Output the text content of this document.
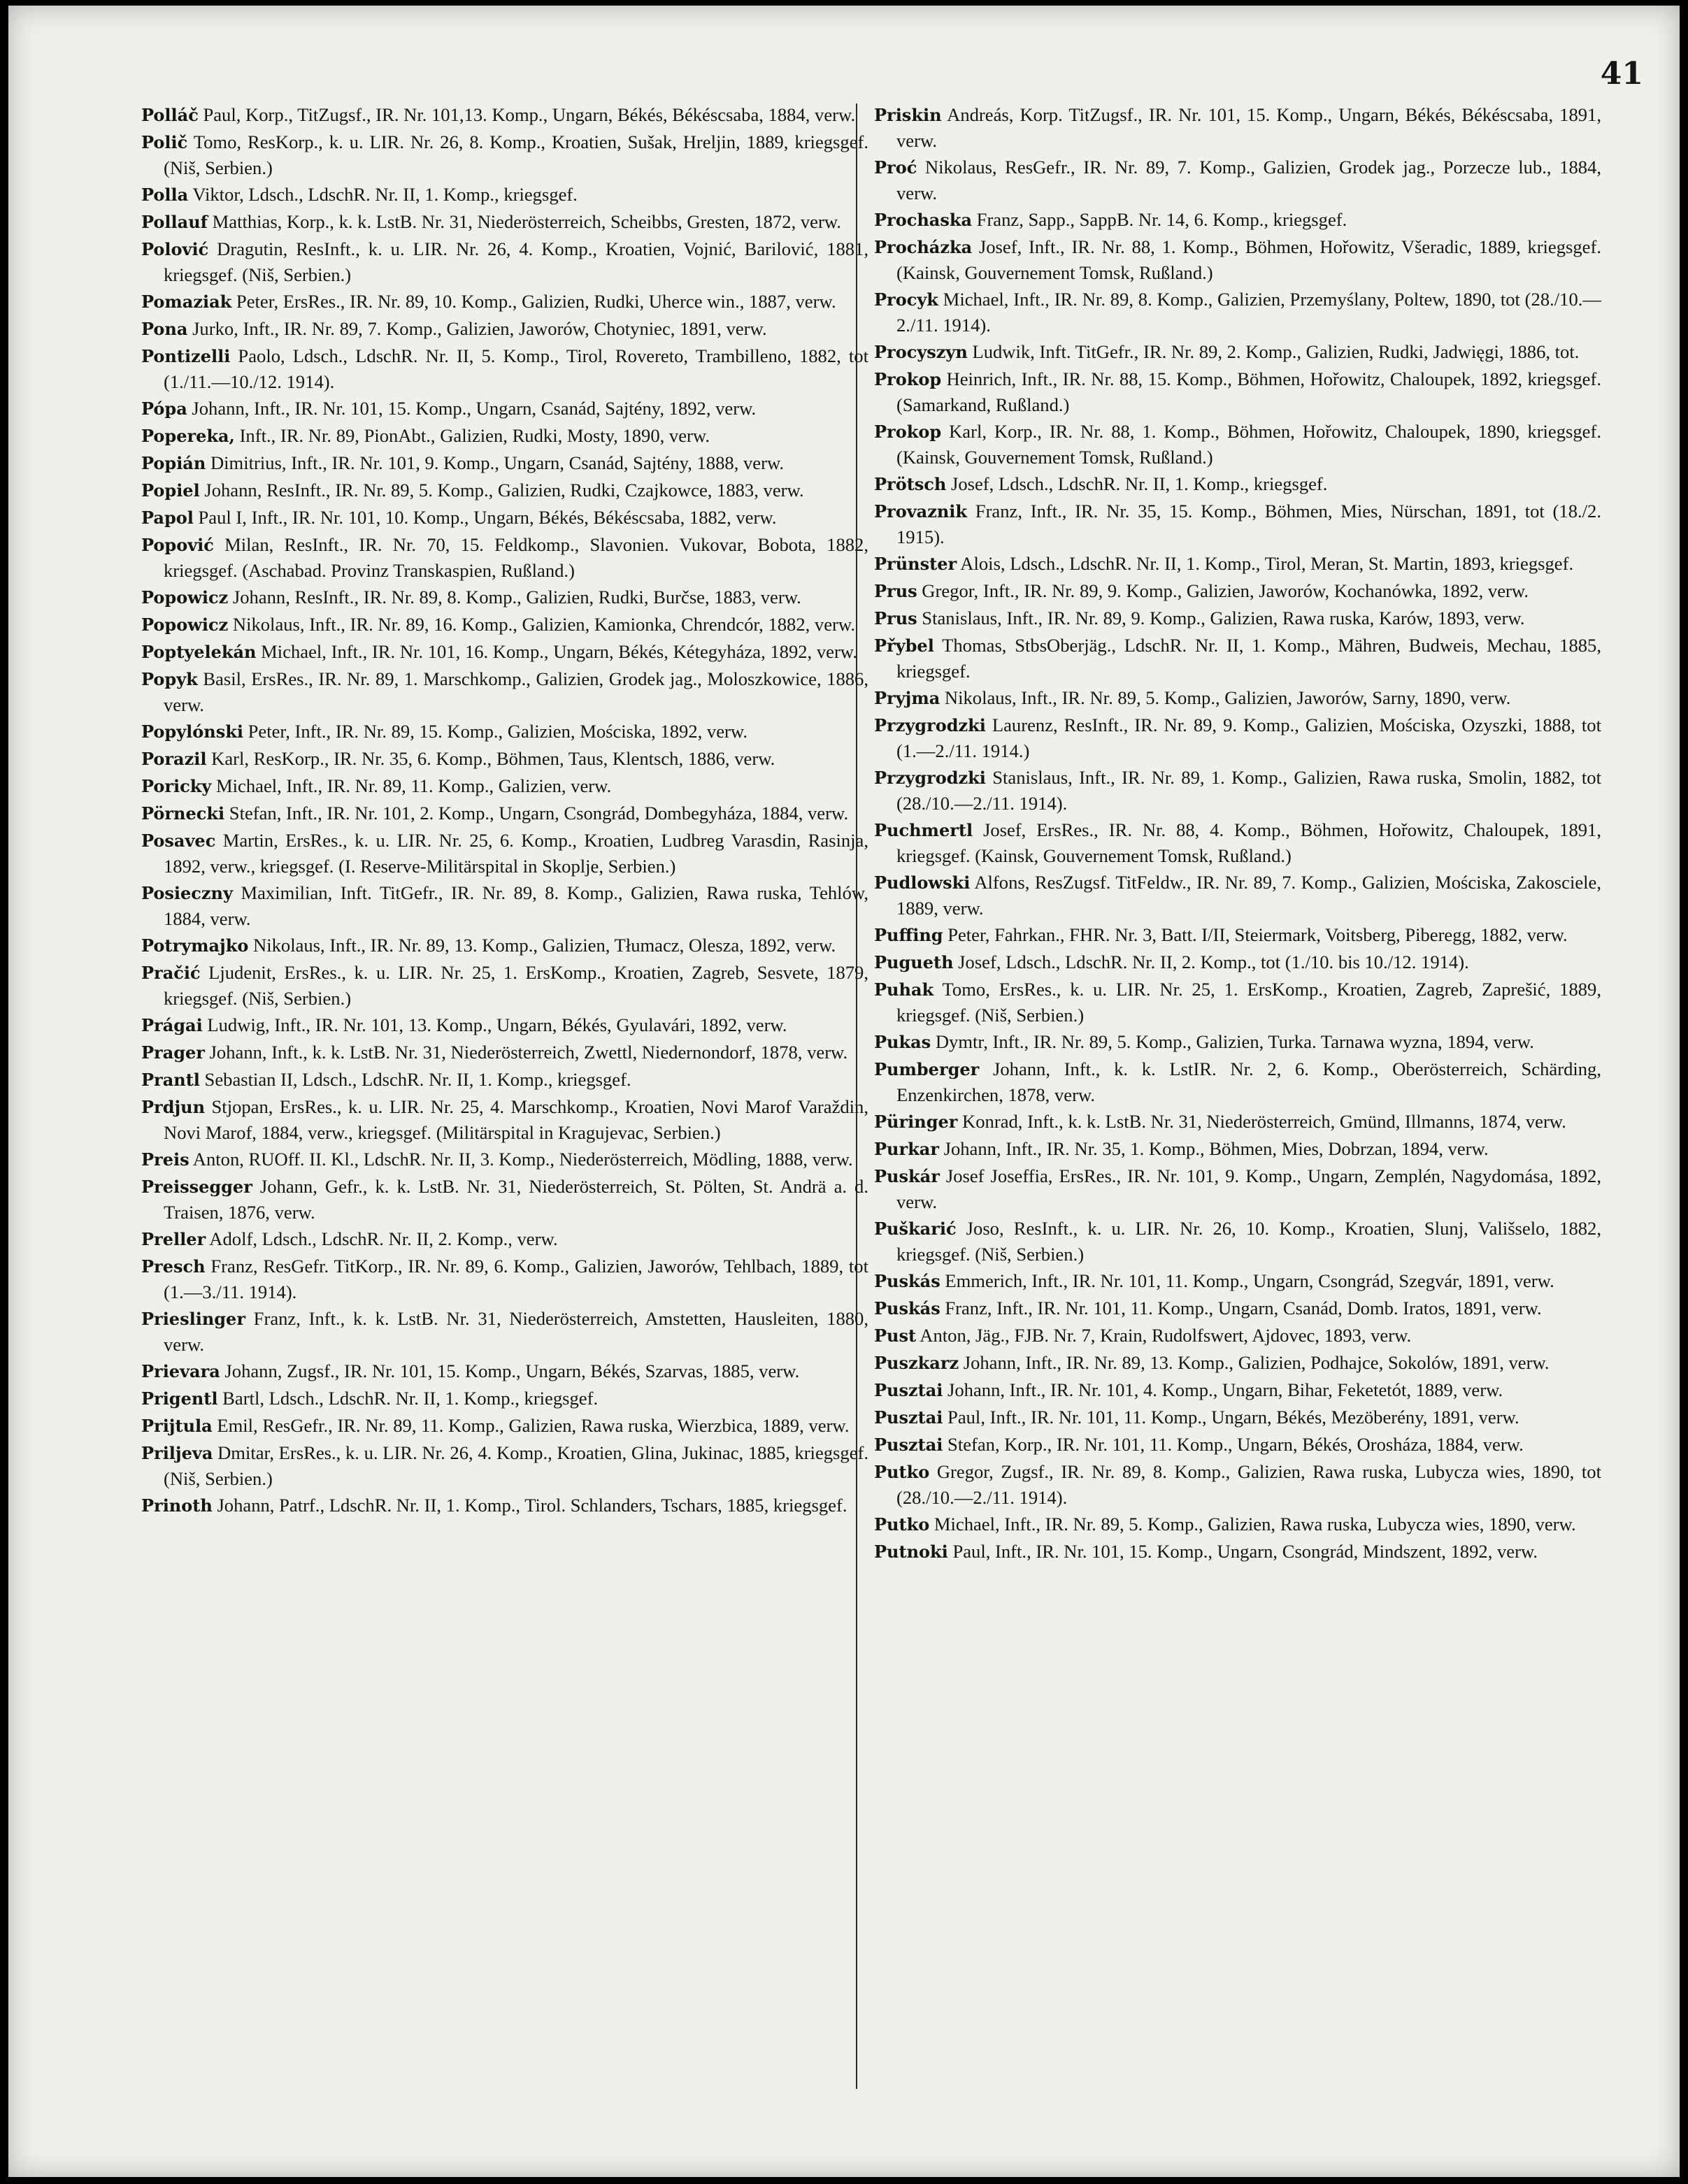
41

Polláč Paul, Korp., TitZugsf., IR. Nr. 101,13. Komp., Ungarn, Békés, Békéscsaba, 1884, verw.

Polič Tomo, ResKorp., k. u. LIR. Nr. 26, 8. Komp., Kroatien, Sušak, Hreljin, 1889, kriegsgef. (Niš, Serbien.)

Polla Viktor, Ldsch., LdschR. Nr. II, 1. Komp., kriegsgef.

Pollauf Matthias, Korp., k. k. LstB. Nr. 31, Niederösterreich, Scheibbs, Gresten, 1872, verw.

Polović Dragutin, ResInft., k. u. LIR. Nr. 26, 4. Komp., Kroatien, Vojnić, Barilović, 1881, kriegsgef. (Niš, Serbien.)

Pomaziak Peter, ErsRes., IR. Nr. 89, 10. Komp., Galizien, Rudki, Uherce win., 1887, verw.

Pona Jurko, Inft., IR. Nr. 89, 7. Komp., Galizien, Jaworów, Chotyniec, 1891, verw.

Pontizelli Paolo, Ldsch., LdschR. Nr. II, 5. Komp., Tirol, Rovereto, Trambilleno, 1882, tot (1./11.—10./12. 1914).

Pópa Johann, Inft., IR. Nr. 101, 15. Komp., Ungarn, Csanád, Sajtény, 1892, verw.

Popereka, Inft., IR. Nr. 89, PionAbt., Galizien, Rudki, Mosty, 1890, verw.

Popián Dimitrius, Inft., IR. Nr. 101, 9. Komp., Ungarn, Csanád, Sajtény, 1888, verw.

Popiel Johann, ResInft., IR. Nr. 89, 5. Komp., Galizien, Rudki, Czajkowce, 1883, verw.

Papol Paul I, Inft., IR. Nr. 101, 10. Komp., Ungarn, Békés, Békéscsaba, 1882, verw.

Popović Milan, ResInft., IR. Nr. 70, 15. Feldkomp., Slavonien. Vukovar, Bobota, 1882, kriegsgef. (Aschabad. Provinz Transkaspien, Rußland.)

Popowicz Johann, ResInft., IR. Nr. 89, 8. Komp., Galizien, Rudki, Burčse, 1883, verw.

Popowicz Nikolaus, Inft., IR. Nr. 89, 16. Komp., Galizien, Kamionka, Chrendcór, 1882, verw.

Poptyelekán Michael, Inft., IR. Nr. 101, 16. Komp., Ungarn, Békés, Kétegyháza, 1892, verw.

Popyk Basil, ErsRes., IR. Nr. 89, 1. Marschkomp., Galizien, Grodek jag., Moloszkowice, 1886, verw.

Popylónski Peter, Inft., IR. Nr. 89, 15. Komp., Galizien, Mościska, 1892, verw.

Porazil Karl, ResKorp., IR. Nr. 35, 6. Komp., Böhmen, Taus, Klentsch, 1886, verw.

Poricky Michael, Inft., IR. Nr. 89, 11. Komp., Galizien, verw.

Pörnecki Stefan, Inft., IR. Nr. 101, 2. Komp., Ungarn, Csongrád, Dombegyháza, 1884, verw.

Posavec Martin, ErsRes., k. u. LIR. Nr. 25, 6. Komp., Kroatien, Ludbreg Varasdin, Rasinja, 1892, verw., kriegsgef. (I. Reserve-Militärspital in Skoplje, Serbien.)

Posieczny Maximilian, Inft. TitGefr., IR. Nr. 89, 8. Komp., Galizien, Rawa ruska, Tehlów, 1884, verw.

Potrymajko Nikolaus, Inft., IR. Nr. 89, 13. Komp., Galizien, Tłumacz, Olesza, 1892, verw.

Pračić Ljudenit, ErsRes., k. u. LIR. Nr. 25, 1. ErsKomp., Kroatien, Zagreb, Sesvete, 1879, kriegsgef. (Niš, Serbien.)

Prágai Ludwig, Inft., IR. Nr. 101, 13. Komp., Ungarn, Békés, Gyulavári, 1892, verw.

Prager Johann, Inft., k. k. LstB. Nr. 31, Niederösterreich, Zwettl, Niedernondorf, 1878, verw.

Prantl Sebastian II, Ldsch., LdschR. Nr. II, 1. Komp., kriegsgef.

Prdjun Stjopan, ErsRes., k. u. LIR. Nr. 25, 4. Marschkomp., Kroatien, Novi Marof Varaždin, Novi Marof, 1884, verw., kriegsgef. (Militärspital in Kragujevac, Serbien.)

Preis Anton, RUOff. II. Kl., LdschR. Nr. II, 3. Komp., Niederösterreich, Mödling, 1888, verw.

Preissegger Johann, Gefr., k. k. LstB. Nr. 31, Niederösterreich, St. Pölten, St. Andrä a. d. Traisen, 1876, verw.

Preller Adolf, Ldsch., LdschR. Nr. II, 2. Komp., verw.

Presch Franz, ResGefr. TitKorp., IR. Nr. 89, 6. Komp., Galizien, Jaworów, Tehlbach, 1889, tot (1.—3./11. 1914).

Prieslinger Franz, Inft., k. k. LstB. Nr. 31, Niederösterreich, Amstetten, Hausleiten, 1880, verw.

Prievara Johann, Zugsf., IR. Nr. 101, 15. Komp., Ungarn, Békés, Szarvas, 1885, verw.

Prigentl Bartl, Ldsch., LdschR. Nr. II, 1. Komp., kriegsgef.

Prijtula Emil, ResGefr., IR. Nr. 89, 11. Komp., Galizien, Rawa ruska, Wierzbica, 1889, verw.

Prilјeva Dmitar, ErsRes., k. u. LIR. Nr. 26, 4. Komp., Kroatien, Glina, Jukinac, 1885, kriegsgef. (Niš, Serbien.)

Prinoth Johann, Patrf., LdschR. Nr. II, 1. Komp., Tirol. Schlanders, Tschars, 1885, kriegsgef.

Priskin Andreás, Korp. TitZugsf., IR. Nr. 101, 15. Komp., Ungarn, Békés, Békéscsaba, 1891, verw.

Proć Nikolaus, ResGefr., IR. Nr. 89, 7. Komp., Galizien, Grodek jag., Porzecze lub., 1884, verw.

Prochaska Franz, Sapp., SappB. Nr. 14, 6. Komp., kriegsgef.

Procházka Josef, Inft., IR. Nr. 88, 1. Komp., Böhmen, Hořowitz, Všeradic, 1889, kriegsgef. (Kainsk, Gouvernement Tomsk, Rußland.)

Procyk Michael, Inft., IR. Nr. 89, 8. Komp., Galizien, Przemyślany, Poltew, 1890, tot (28./10.—2./11. 1914).

Procyszyn Ludwik, Inft. TitGefr., IR. Nr. 89, 2. Komp., Galizien, Rudki, Jadwięgi, 1886, tot.

Prokop Heinrich, Inft., IR. Nr. 88, 15. Komp., Böhmen, Hořowitz, Chaloupek, 1892, kriegsgef. (Samarkand, Rußland.)

Prokop Karl, Korp., IR. Nr. 88, 1. Komp., Böhmen, Hořowitz, Chaloupek, 1890, kriegsgef. (Kainsk, Gouvernement Tomsk, Rußland.)

Prötsch Josef, Ldsch., LdschR. Nr. II, 1. Komp., kriegsgef.

Provaznik Franz, Inft., IR. Nr. 35, 15. Komp., Böhmen, Mies, Nürschan, 1891, tot (18./2. 1915).

Prünster Alois, Ldsch., LdschR. Nr. II, 1. Komp., Tirol, Meran, St. Martin, 1893, kriegsgef.

Prus Gregor, Inft., IR. Nr. 89, 9. Komp., Galizien, Jaworów, Kochanówka, 1892, verw.

Prus Stanislaus, Inft., IR. Nr. 89, 9. Komp., Galizien, Rawa ruska, Karów, 1893, verw.

Přybel Thomas, StbsOberjäg., LdschR. Nr. II, 1. Komp., Mähren, Budweis, Mechau, 1885, kriegsgef.

Pryjma Nikolaus, Inft., IR. Nr. 89, 5. Komp., Galizien, Jaworów, Sarny, 1890, verw.

Przygrodzki Laurenz, ResInft., IR. Nr. 89, 9. Komp., Galizien, Mościska, Ozyszki, 1888, tot (1.—2./11. 1914.)

Przygrodzki Stanislaus, Inft., IR. Nr. 89, 1. Komp., Galizien, Rawa ruska, Smolin, 1882, tot (28./10.—2./11. 1914).

Puchmertl Josef, ErsRes., IR. Nr. 88, 4. Komp., Böhmen, Hořowitz, Chaloupek, 1891, kriegsgef. (Kainsk, Gouvernement Tomsk, Rußland.)

Pudlowski Alfons, ResZugsf. TitFeldw., IR. Nr. 89, 7. Komp., Galizien, Mościska, Zakosciele, 1889, verw.

Puffing Peter, Fahrkan., FHR. Nr. 3, Batt. I/II, Steiermark, Voitsberg, Piberegg, 1882, verw.

Pugueth Josef, Ldsch., LdschR. Nr. II, 2. Komp., tot (1./10. bis 10./12. 1914).

Puhak Tomo, ErsRes., k. u. LIR. Nr. 25, 1. ErsKomp., Kroatien, Zagreb, Zaprešić, 1889, kriegsgef. (Niš, Serbien.)

Pukas Dymtr, Inft., IR. Nr. 89, 5. Komp., Galizien, Turka. Tarnawa wyzna, 1894, verw.

Pumberger Johann, Inft., k. k. LstIR. Nr. 2, 6. Komp., Oberösterreich, Schärding, Enzenkirchen, 1878, verw.

Püringer Konrad, Inft., k. k. LstB. Nr. 31, Niederösterreich, Gmünd, Illmanns, 1874, verw.

Purkar Johann, Inft., IR. Nr. 35, 1. Komp., Böhmen, Mies, Dobrzan, 1894, verw.

Puskár Josef Joseffia, ErsRes., IR. Nr. 101, 9. Komp., Ungarn, Zemplén, Nagydomása, 1892, verw.

Puškarić Joso, ResInft., k. u. LIR. Nr. 26, 10. Komp., Kroatien, Slunj, Vališselo, 1882, kriegsgef. (Niš, Serbien.)

Puskás Emmerich, Inft., IR. Nr. 101, 11. Komp., Ungarn, Csongrád, Szegvár, 1891, verw.

Puskás Franz, Inft., IR. Nr. 101, 11. Komp., Ungarn, Csanád, Domb. Iratos, 1891, verw.

Pust Anton, Jäg., FJB. Nr. 7, Krain, Rudolfswert, Ajdovec, 1893, verw.

Puszkarz Johann, Inft., IR. Nr. 89, 13. Komp., Galizien, Podhajce, Sokolów, 1891, verw.

Pusztai Johann, Inft., IR. Nr. 101, 4. Komp., Ungarn, Bihar, Feketetót, 1889, verw.

Pusztai Paul, Inft., IR. Nr. 101, 11. Komp., Ungarn, Békés, Mezöberény, 1891, verw.

Pusztai Stefan, Korp., IR. Nr. 101, 11. Komp., Ungarn, Békés, Orosháza, 1884, verw.

Putko Gregor, Zugsf., IR. Nr. 89, 8. Komp., Galizien, Rawa ruska, Lubycza wies, 1890, tot (28./10.—2./11. 1914).

Putko Michael, Inft., IR. Nr. 89, 5. Komp., Galizien, Rawa ruska, Lubycza wies, 1890, verw.

Putnoki Paul, Inft., IR. Nr. 101, 15. Komp., Ungarn, Csongrád, Mindszent, 1892, verw.
